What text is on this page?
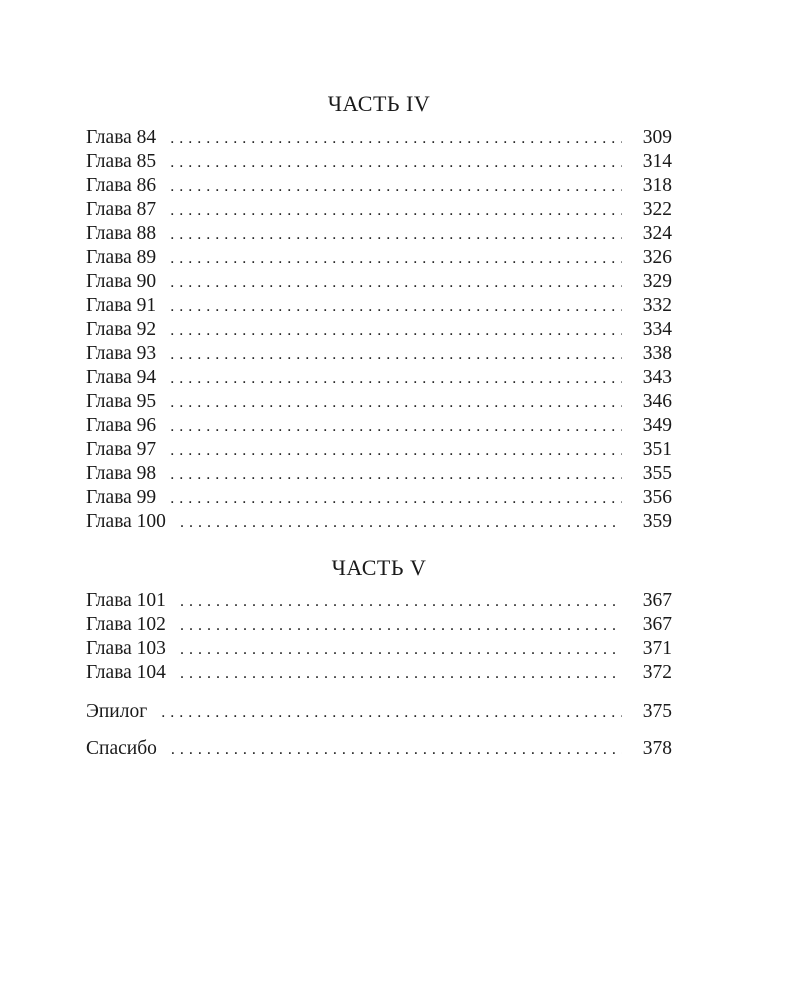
ЧАСТЬ IV
Глава 84 . . .	309
Глава 85 . . .	314
Глава 86 . . .	318
Глава 87 . . .	322
Глава 88 . . .	324
Глава 89 . . .	326
Глава 90 . . .	329
Глава 91 . . .	332
Глава 92 . . .	334
Глава 93 . . .	338
Глава 94 . . .	343
Глава 95 . . .	346
Глава 96 . . .	349
Глава 97 . . .	351
Глава 98 . . .	355
Глава 99 . . .	356
Глава 100 . . .	359
ЧАСТЬ V
Глава 101 . . .	367
Глава 102 . . .	367
Глава 103 . . .	371
Глава 104 . . .	372
Эпилог . . .	375
Спасибо . . .	378
